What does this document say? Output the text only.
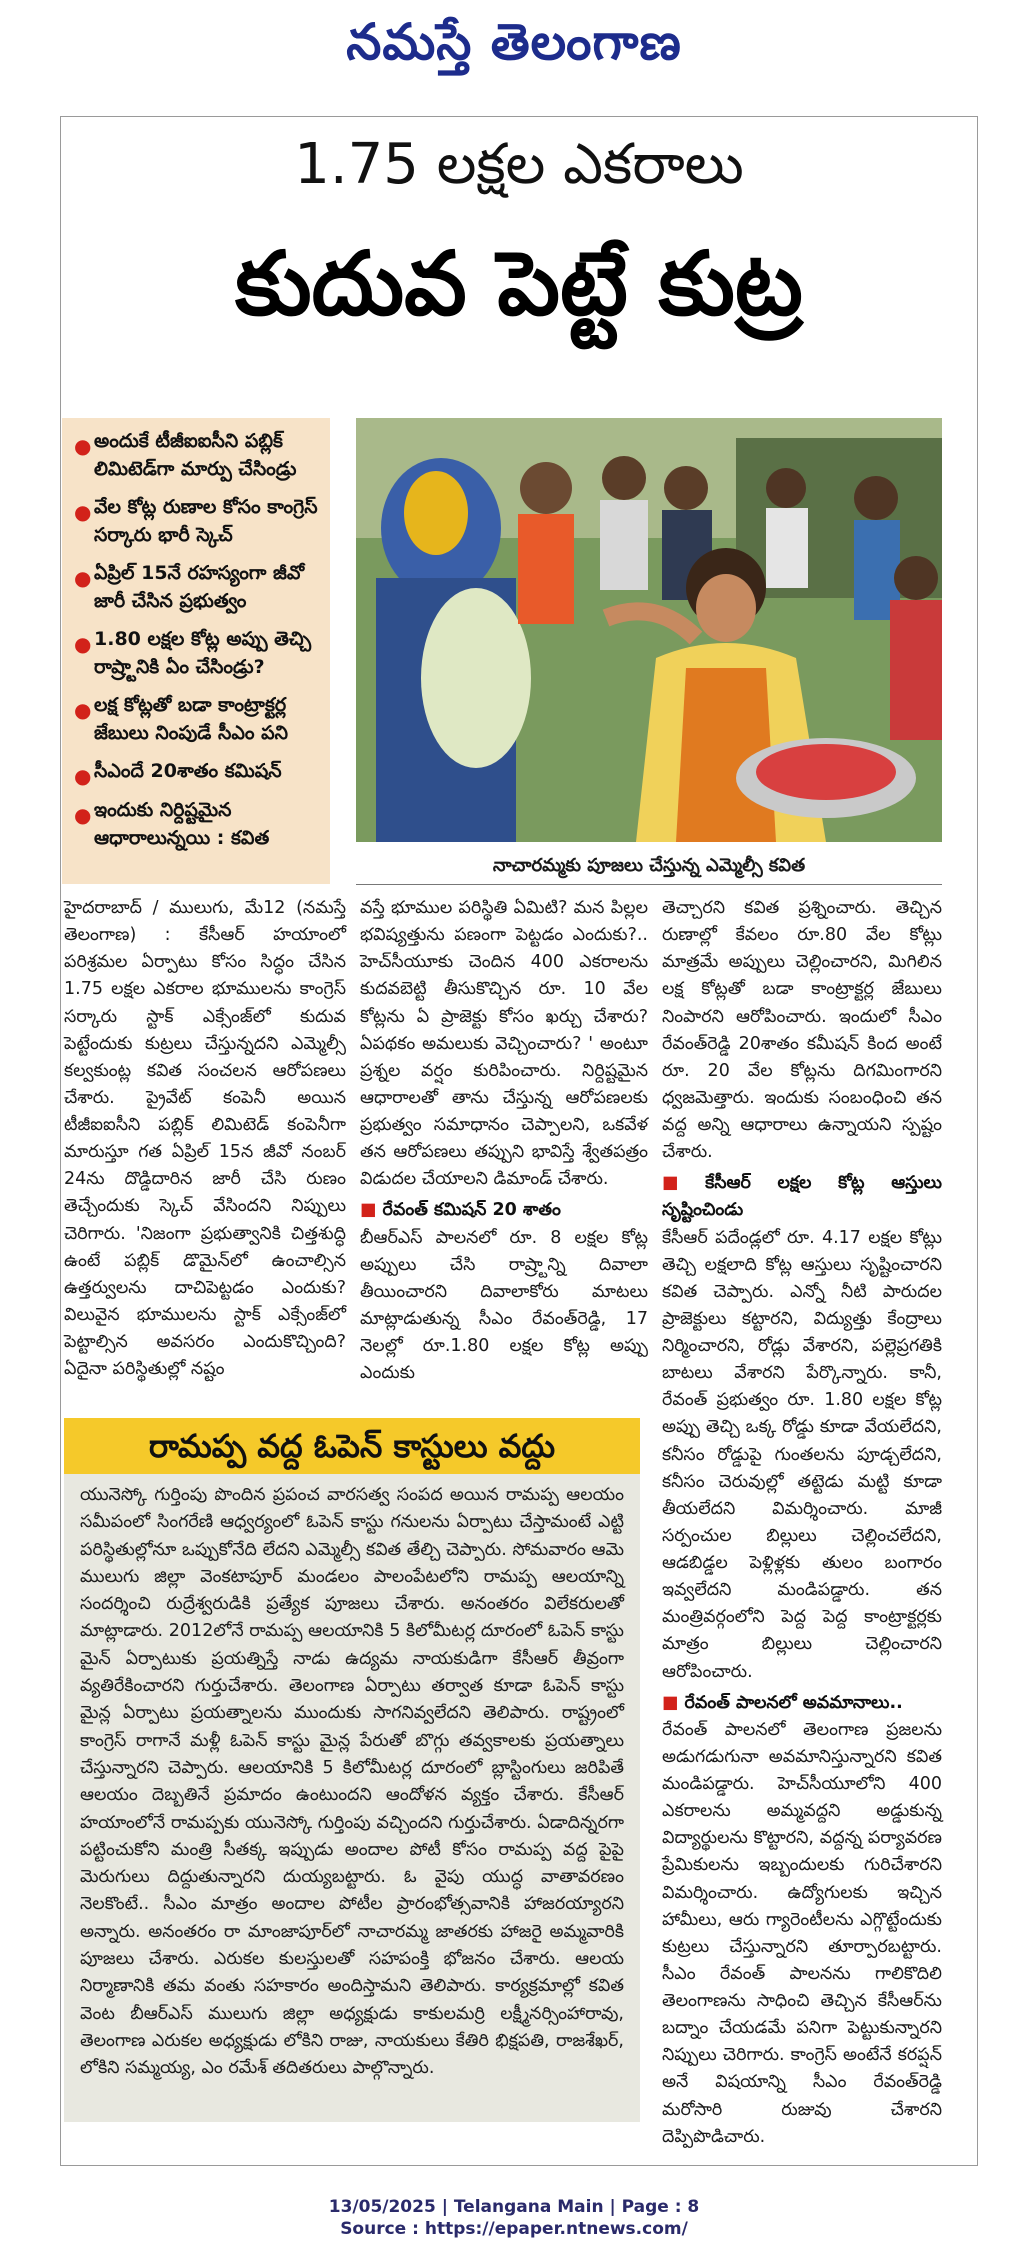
నమస్తే తెలంగాణ
1.75 లక్షల ఎకరాలు
కుదువ పెట్టే కుట్ర
● అందుకే టీజీఐఐసీని పబ్లిక్ లిమిటెడ్‌గా మార్పు చేసిండ్రు
● వేల కోట్ల రుణాల కోసం కాంగ్రెస్ సర్కారు భారీ స్కెచ్
● ఏప్రిల్ 15నే రహస్యంగా జీవో జారీ చేసిన ప్రభుత్వం
● 1.80 లక్షల కోట్ల అప్పు తెచ్చి రాష్ర్టానికి ఏం చేసిండ్రు?
● లక్ష కోట్లతో బడా కాంట్రాక్టర్ల జేబులు నింపుడే సీఎం పని
● సీఎందే 20శాతం కమిషన్
● ఇందుకు నిర్దిష్టమైన ఆధారాలున్నయి : కవిత
నాచారమ్మకు పూజలు చేస్తున్న ఎమ్మెల్సీ కవిత

హైదరాబాద్ / ములుగు, మే12 (నమస్తే తెలంగాణ) : కేసీఆర్ హయాంలో పరిశ్రమల ఏర్పాటు కోసం సిద్ధం చేసిన 1.75 లక్షల ఎకరాల భూములను కాంగ్రెస్ సర్కారు స్టాక్ ఎక్సేంజ్‌లో కుదువ పెట్టేందుకు కుట్రలు చేస్తున్నదని ఎమ్మెల్సీ కల్వకుంట్ల కవిత సంచలన ఆరోపణలు చేశారు. ప్రైవేట్ కంపెనీ అయిన టీజీఐఐసీని పబ్లిక్ లిమిటెడ్ కంపెనీగా మారుస్తూ గత ఏప్రిల్ 15న జీవో నంబర్ 24ను దొడ్డిదారిన జారీ చేసి రుణం తెచ్చేందుకు స్కెచ్ వేసిందని నిప్పులు చెరిగారు. 'నిజంగా ప్రభుత్వానికి చిత్తశుద్ధి ఉంటే పబ్లిక్ డొమైన్‌లో ఉంచాల్సిన ఉత్తర్వులను దాచిపెట్టడం ఎందుకు? విలువైన భూములను స్టాక్ ఎక్సేంజ్‌లో పెట్టాల్సిన అవసరం ఎందుకొచ్చింది? ఏదైనా పరిస్థితుల్లో నష్టం

వస్తే భూముల పరిస్థితి ఏమిటి? మన పిల్లల భవిష్యత్తును పణంగా పెట్టడం ఎందుకు?.. హెచ్‌సీయూకు చెందిన 400 ఎకరాలను కుదవబెట్టి తీసుకొచ్చిన రూ. 10 వేల కోట్లను ఏ ప్రాజెక్టు కోసం ఖర్చు చేశారు? ఏపథకం అమలుకు వెచ్చించారు? ' అంటూ ప్రశ్నల వర్షం కురిపించారు. నిర్దిష్టమైన ఆధారాలతో తాను చేస్తున్న ఆరోపణలకు ప్రభుత్వం సమాధానం చెప్పాలని, ఒకవేళ తన ఆరోపణలు తప్పుని భావిస్తే శ్వేతపత్రం విడుదల చేయాలని డిమాండ్ చేశారు.

■ రేవంత్ కమిషన్ 20 శాతం

బీఆర్‌ఎస్ పాలనలో రూ. 8 లక్షల కోట్ల అప్పులు చేసి రాష్ర్టాన్ని దివాలా తీయించారని దివాలాకోరు మాటలు మాట్లాడుతున్న సీఎం రేవంత్‌రెడ్డి, 17 నెలల్లో రూ.1.80 లక్షల కోట్ల అప్పు ఎందుకు

తెచ్చారని కవిత ప్రశ్నించారు. తెచ్చిన రుణాల్లో కేవలం రూ.80 వేల కోట్లు మాత్రమే అప్పులు చెల్లించారని, మిగిలిన లక్ష కోట్లతో బడా కాంట్రాక్టర్ల జేబులు నింపారని ఆరోపించారు. ఇందులో సీఎం రేవంత్‌రెడ్డి 20శాతం కమీషన్ కింద అంటే రూ. 20 వేల కోట్లను దిగమింగారని ధ్వజమెత్తారు. ఇందుకు సంబంధించి తన వద్ద అన్ని ఆధారాలు ఉన్నాయని స్పష్టం చేశారు.

■ కేసీఆర్ లక్షల కోట్ల ఆస్తులు సృష్టించిండు

కేసీఆర్ పదేండ్లలో రూ. 4.17 లక్షల కోట్లు తెచ్చి లక్షలాది కోట్ల ఆస్తులు సృష్టించారని కవిత చెప్పారు. ఎన్నో నీటి పారుదల ప్రాజెక్టులు కట్టారని, విద్యుత్తు కేంద్రాలు నిర్మించారని, రోడ్లు వేశారని, పల్లెప్రగతికి బాటలు వేశారని పేర్కొన్నారు. కానీ, రేవంత్ ప్రభుత్వం రూ. 1.80 లక్షల కోట్ల అప్పు తెచ్చి ఒక్క రోడ్డు కూడా వేయలేదని, కనీసం రోడ్డుపై గుంతలను పూడ్చలేదని, కనీసం చెరువుల్లో తట్టెడు మట్టి కూడా తీయలేదని విమర్శించారు. మాజీ సర్పంచుల బిల్లులు చెల్లించలేదని, ఆడబిడ్డల పెళ్లిళ్లకు తులం బంగారం ఇవ్వలేదని మండిపడ్డారు. తన మంత్రివర్గంలోని పెద్ద పెద్ద కాంట్రాక్టర్లకు మాత్రం బిల్లులు చెల్లించారని ఆరోపించారు.

■ రేవంత్ పాలనలో అవమానాలు..

రేవంత్ పాలనలో తెలంగాణ ప్రజలను అడుగడుగునా అవమానిస్తున్నారని కవిత మండిపడ్డారు. హెచ్‌సీయూలోని 400 ఎకరాలను అమ్మవద్దని అడ్డుకున్న విద్యార్థులను కొట్టారని, వద్దన్న పర్యావరణ ప్రేమికులను ఇబ్బందులకు గురిచేశారని విమర్శించారు. ఉద్యోగులకు ఇచ్చిన హామీలు, ఆరు గ్యారెంటీలను ఎగ్గొట్టేందుకు కుట్రలు చేస్తున్నారని తూర్పారబట్టారు. సీఎం రేవంత్ పాలనను గాలికొదిలి తెలంగాణను సాధించి తెచ్చిన కేసీఆర్‌ను బద్నాం చేయడమే పనిగా పెట్టుకున్నారని నిప్పులు చెరిగారు. కాంగ్రెస్ అంటేనే కరప్షన్ అనే విషయాన్ని సీఎం రేవంత్‌రెడ్డి మరోసారి రుజువు చేశారని దెప్పిపొడిచారు.

రామప్ప వద్ద ఓపెన్ కాస్టులు వద్దు

యునెస్కో గుర్తింపు పొందిన ప్రపంచ వారసత్వ సంపద అయిన రామప్ప ఆలయం సమీపంలో సింగరేణి ఆధ్వర్యంలో ఓపెన్ కాస్టు గనులను ఏర్పాటు చేస్తామంటే ఎట్టి పరిస్థితుల్లోనూ ఒప్పుకోనేది లేదని ఎమ్మెల్సీ కవిత తేల్చి చెప్పారు. సోమవారం ఆమె ములుగు జిల్లా వెంకటాపూర్ మండలం పాలంపేటలోని రామప్ప ఆలయాన్ని సందర్శించి రుద్రేశ్వరుడికి ప్రత్యేక పూజలు చేశారు. అనంతరం విలేకరులతో మాట్లాడారు. 2012లోనే రామప్ప ఆలయానికి 5 కిలోమీటర్ల దూరంలో ఓపెన్ కాస్టు మైన్ ఏర్పాటుకు ప్రయత్నిస్తే నాడు ఉద్యమ నాయకుడిగా కేసీఆర్ తీవ్రంగా వ్యతిరేకించారని గుర్తుచేశారు. తెలంగాణ ఏర్పాటు తర్వాత కూడా ఓపెన్ కాస్టు మైన్ల ఏర్పాటు ప్రయత్నాలను ముందుకు సాగనివ్వలేదని తెలిపారు. రాష్ట్రంలో కాంగ్రెస్ రాగానే మళ్లీ ఓపెన్ కాస్టు మైన్ల పేరుతో బొగ్గు తవ్వకాలకు ప్రయత్నాలు చేస్తున్నారని చెప్పారు. ఆలయానికి 5 కిలోమీటర్ల దూరంలో బ్లాస్టింగులు జరిపితే ఆలయం దెబ్బతినే ప్రమాదం ఉంటుందని ఆందోళన వ్యక్తం చేశారు. కేసీఆర్ హయాంలోనే రామప్పకు యునెస్కో గుర్తింపు వచ్చిందని గుర్తుచేశారు. ఏడాదిన్నరగా పట్టించుకోని మంత్రి సీతక్క ఇప్పుడు అందాల పోటీ కోసం రామప్ప వద్ద పైపై మెరుగులు దిద్దుతున్నారని దుయ్యబట్టారు. ఓ వైపు యుద్ధ వాతావరణం నెలకొంటే.. సీఎం మాత్రం అందాల పోటీల ప్రారంభోత్సవానికి హాజరయ్యారని అన్నారు. అనంతరం రా మాంజాపూర్‌లో నాచారమ్మ జాతరకు హాజరై అమ్మవారికి పూజలు చేశారు. ఎరుకల కులస్తులతో సహపంక్తి భోజనం చేశారు. ఆలయ నిర్మాణానికి తమ వంతు సహకారం అందిస్తామని తెలిపారు. కార్యక్రమాల్లో కవిత వెంట బీఆర్‌ఎస్ ములుగు జిల్లా అధ్యక్షుడు కాకులమర్రి లక్ష్మీనర్సింహారావు, తెలంగాణ ఎరుకల అధ్యక్షుడు లోకిని రాజు, నాయకులు కేతిరి భిక్షపతి, రాజశేఖర్, లోకిని సమ్మయ్య, ఎం రమేశ్ తదితరులు పాల్గొన్నారు.

13/05/2025 | Telangana Main | Page : 8
Source : https://epaper.ntnews.com/
